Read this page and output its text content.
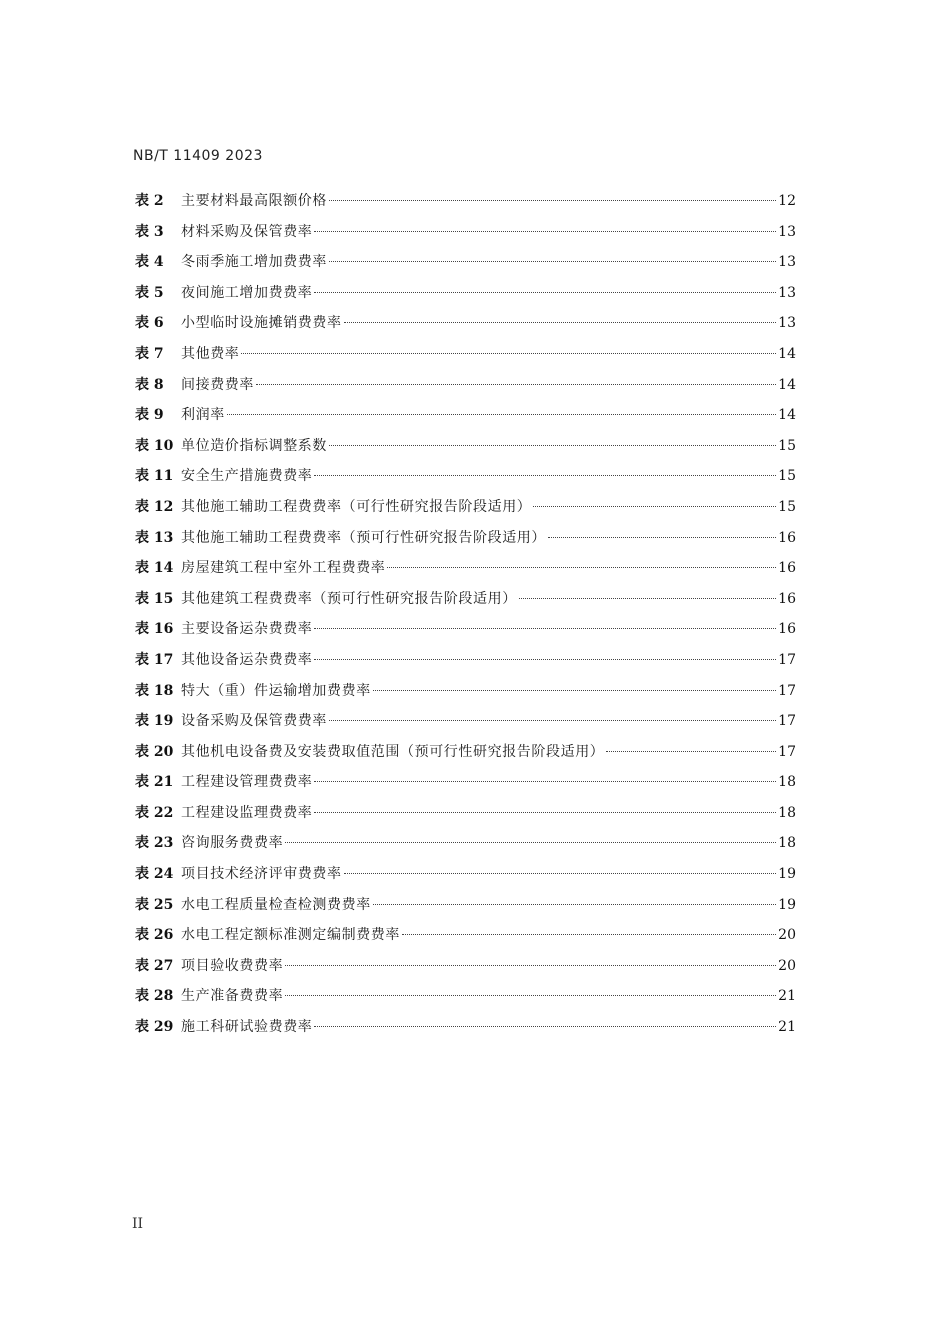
NB/T 11409 2023
表 2	主要材料最高限额价格	12
表 3	材料采购及保管费率	13
表 4	冬雨季施工增加费费率	13
表 5	夜间施工增加费费率	13
表 6	小型临时设施摊销费费率	13
表 7	其他费率	14
表 8	间接费费率	14
表 9	利润率	14
表 10 单位造价指标调整系数	15
表 11 安全生产措施费费率	15
表 12 其他施工辅助工程费费率（可行性研究报告阶段适用）	15
表 13 其他施工辅助工程费费率（预可行性研究报告阶段适用）	16
表 14 房屋建筑工程中室外工程费费率	16
表 15 其他建筑工程费费率（预可行性研究报告阶段适用）	16
表 16 主要设备运杂费费率	16
表 17 其他设备运杂费费率	17
表 18 特大（重）件运输增加费费率	17
表 19 设备采购及保管费费率	17
表 20 其他机电设备费及安装费取值范围（预可行性研究报告阶段适用）	17
表 21 工程建设管理费费率	18
表 22 工程建设监理费费率	18
表 23 咨询服务费费率	18
表 24 项目技术经济评审费费率	19
表 25 水电工程质量检查检测费费率	19
表 26 水电工程定额标准测定编制费费率	20
表 27 项目验收费费率	20
表 28 生产准备费费率	21
表 29 施工科研试验费费率	21
II
